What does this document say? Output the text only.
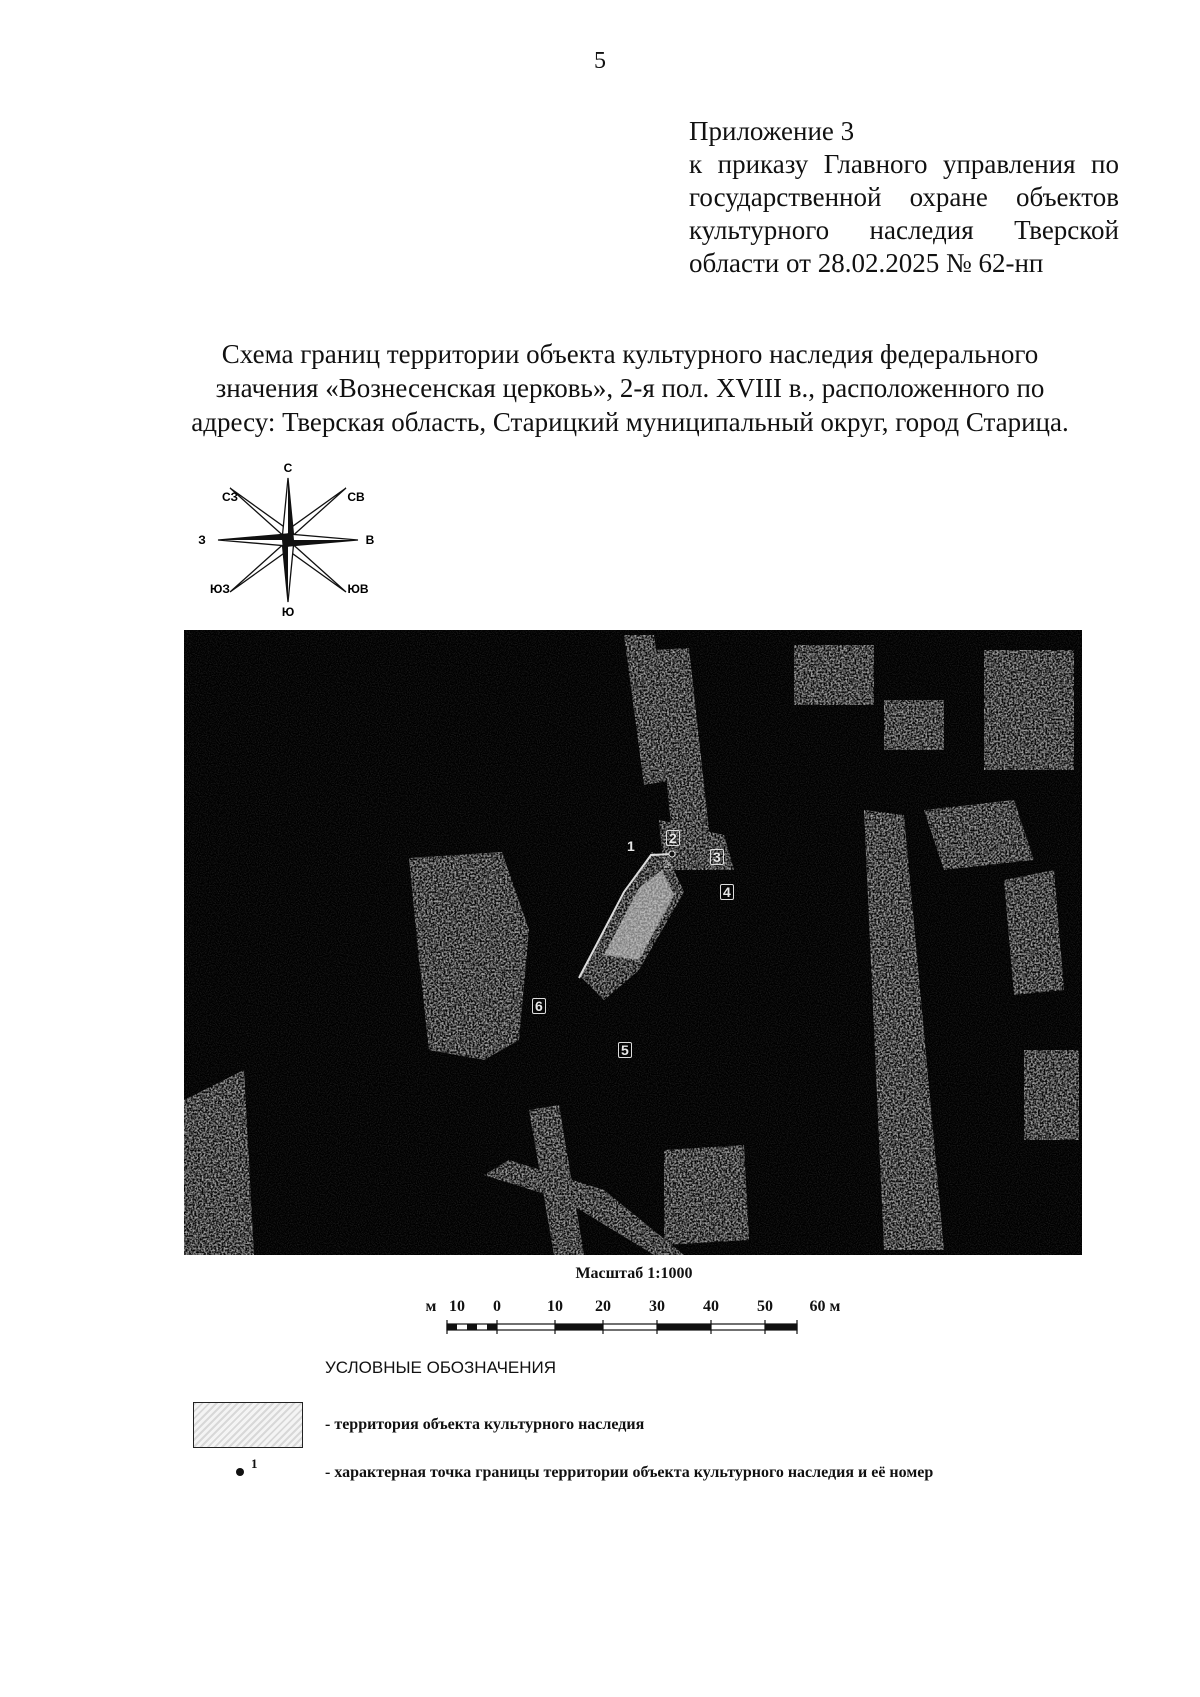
5
Приложение 3
к приказу Главного управления по
государственной охране объектов
культурного наследия Тверской
области от 28.02.2025 № 62-нп
Схема границ территории объекта культурного наследия федерального
значения «Вознесенская церковь», 2-я пол. XVIII в., расположенного по
адресу: Тверская область, Старицкий муниципальный округ, город Старица.
С
СВ
В
ЮВ
Ю
ЮЗ
З
СЗ
1 2
3
4
5
6
Масштаб 1:1000
м 10 0	10 20 30 40 50 60 м
УСЛОВНЫЕ ОБОЗНАЧЕНИЯ
- территория объекта культурного наследия
1
- характерная точка границы территории объекта культурного наследия и её номер
